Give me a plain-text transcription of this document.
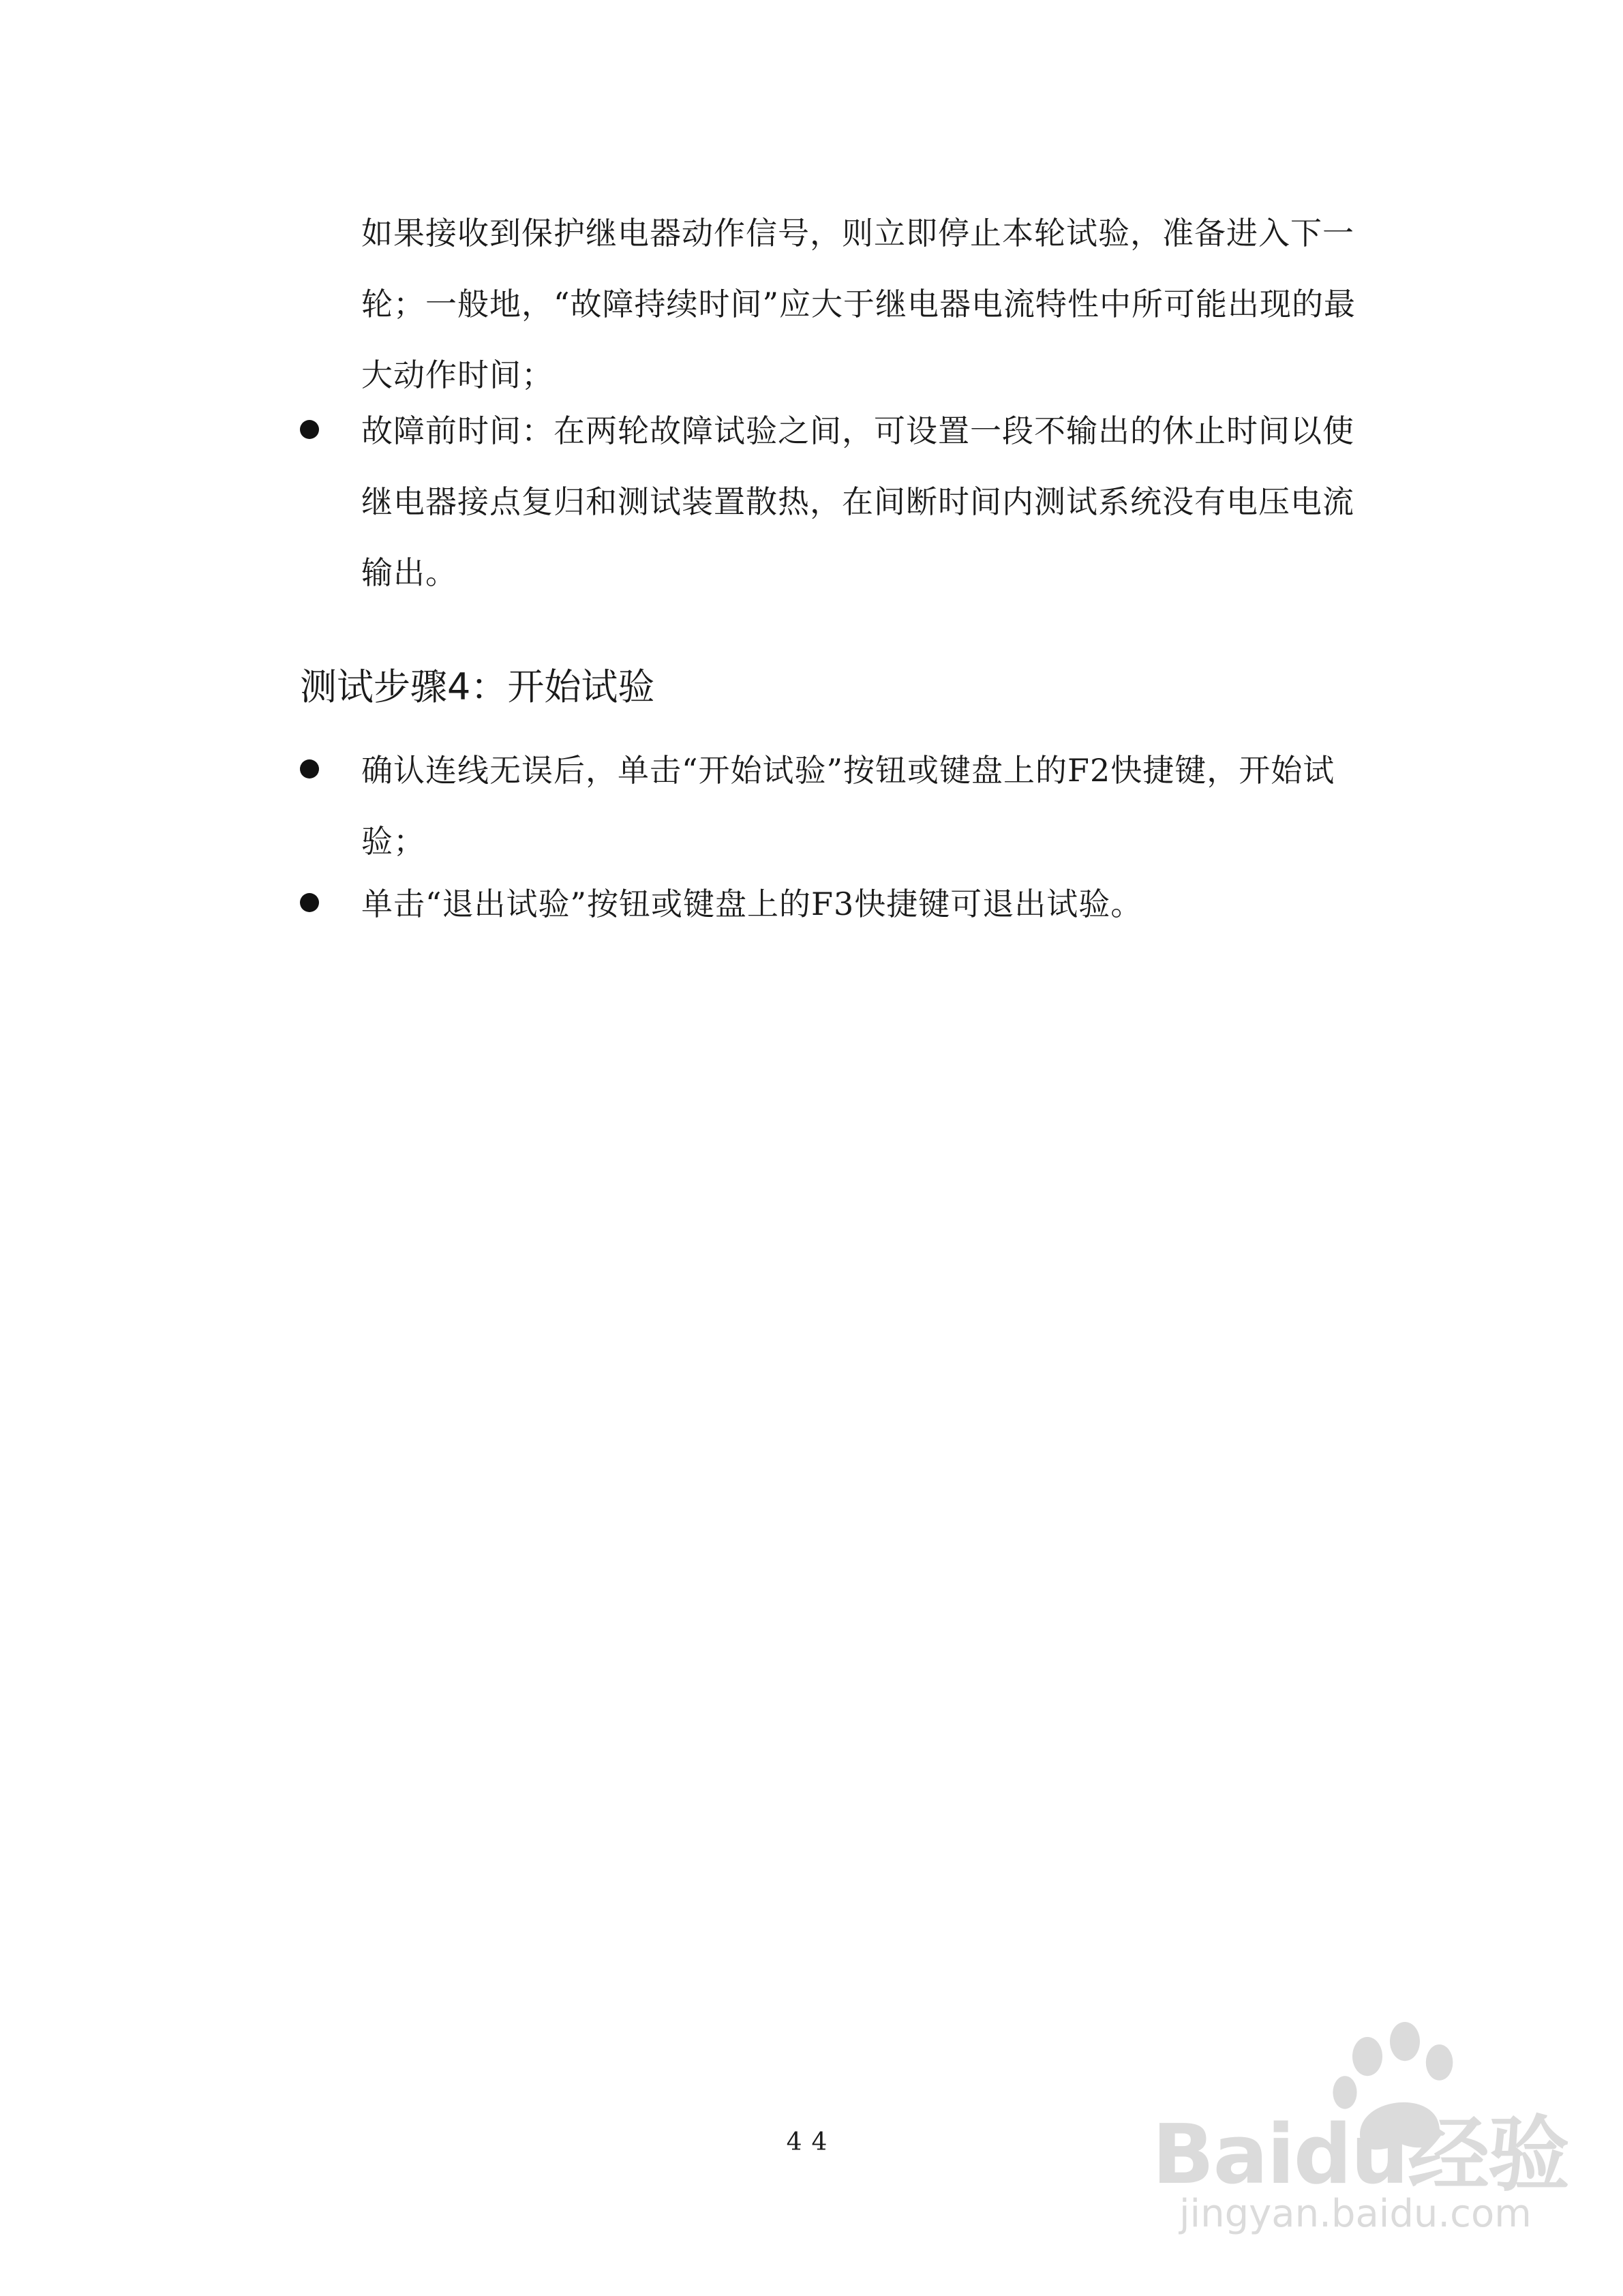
如果接收到保护继电器动作信号，则立即停止本轮试验，准备进入下一轮；一般地，“故障持续时间”应大于继电器电流特性中所可能出现的最大动作时间；

故障前时间：在两轮故障试验之间，可设置一段不输出的休止时间以使继电器接点复归和测试装置散热，在间断时间内测试系统没有电压电流输出。

测试步骤4：开始试验

确认连线无误后，单击“开始试验”按钮或键盘上的F2快捷键，开始试验；

单击“退出试验”按钮或键盘上的F3快捷键可退出试验。

44	Baidu经验
jingyan.baidu.com
